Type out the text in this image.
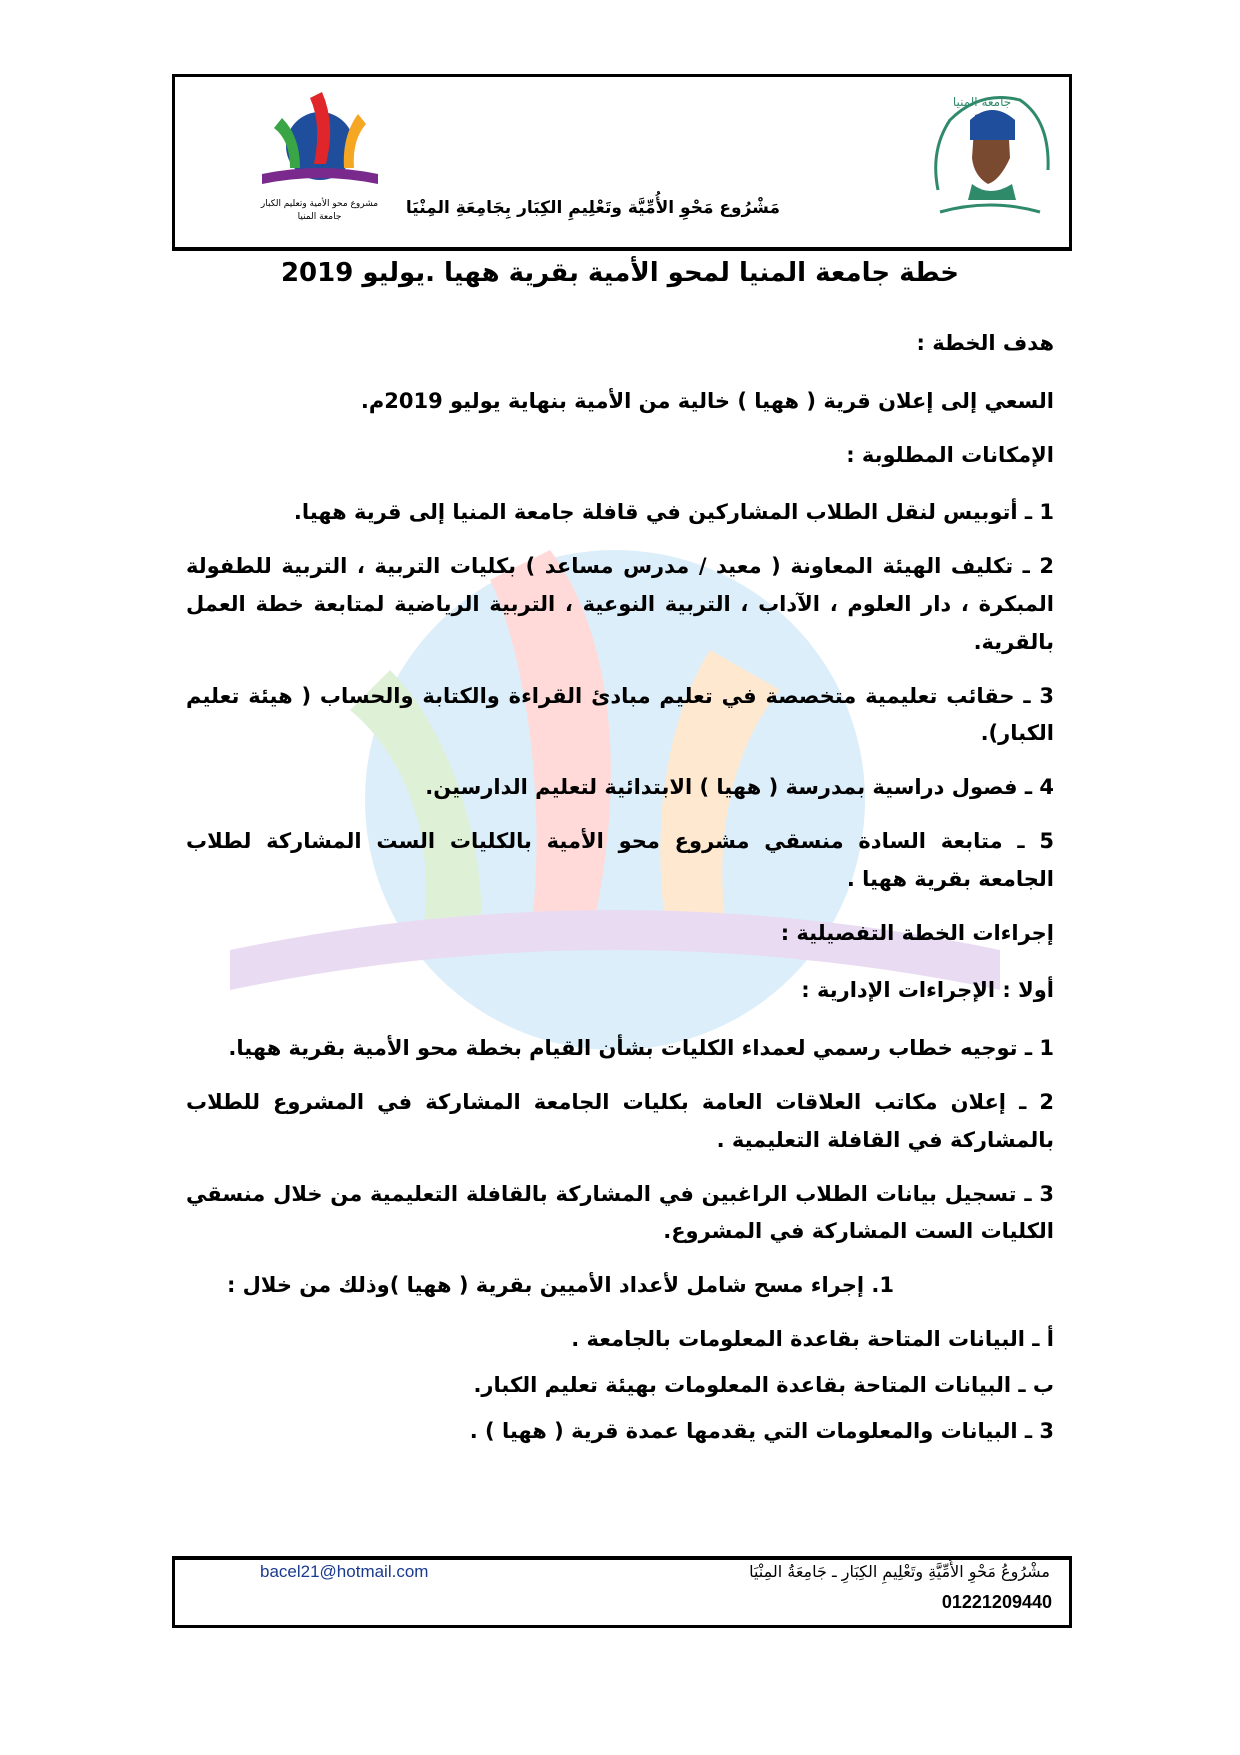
جامعة المنيا
مشروع محو الأمية وتعليم الكبار
جامعة المنيا	مَشْرُوع مَحْوِ الأُمِّيَّة وتَعْلِيمِ الكِبَار بِجَامِعَةِ المِنْيَا
خطة جامعة المنيا لمحو الأمية بقرية ههيا .يوليو 2019

هدف الخطة :

السعي إلى إعلان قرية ( ههيا ) خالية من الأمية بنهاية يوليو 2019م.

الإمكانات المطلوبة :

1 ـ أتوبيس لنقل الطلاب المشاركين في قافلة جامعة المنيا إلى قرية ههيا.

2 ـ تكليف الهيئة المعاونة ( معيد / مدرس مساعد ) بكليات التربية ، التربية للطفولة المبكرة ، دار العلوم ، الآداب ، التربية النوعية ، التربية الرياضية لمتابعة خطة العمل بالقرية.

3 ـ حقائب تعليمية متخصصة في تعليم مبادئ القراءة والكتابة والحساب ( هيئة تعليم الكبار).

4 ـ فصول دراسية بمدرسة ( ههيا ) الابتدائية لتعليم الدارسين.

5 ـ متابعة السادة منسقي مشروع محو الأمية بالكليات الست المشاركة لطلاب الجامعة بقرية ههيا .

إجراءات الخطة التفصيلية :

أولا : الإجراءات الإدارية :

1 ـ توجيه خطاب رسمي لعمداء الكليات بشأن القيام بخطة محو الأمية بقرية ههيا.

2 ـ إعلان مكاتب العلاقات العامة بكليات الجامعة المشاركة في المشروع للطلاب بالمشاركة في القافلة التعليمية .

3 ـ تسجيل بيانات الطلاب الراغبين في المشاركة بالقافلة التعليمية من خلال منسقي الكليات الست المشاركة في المشروع.

1. إجراء مسح شامل لأعداد الأميين بقرية ( ههيا )وذلك من خلال :

أ ـ البيانات المتاحة بقاعدة المعلومات بالجامعة .

ب ـ البيانات المتاحة بقاعدة المعلومات بهيئة تعليم الكبار.

3 ـ البيانات والمعلومات التي يقدمها عمدة قرية ( ههيا ) .

bacel21@hotmail.com	مشْرُوعُ مَحْوِ الأُمِّيَّةِ وتَعْلِيمِ الكِبَارِ ـ جَامِعَةُ المِنْيَا
01221209440
